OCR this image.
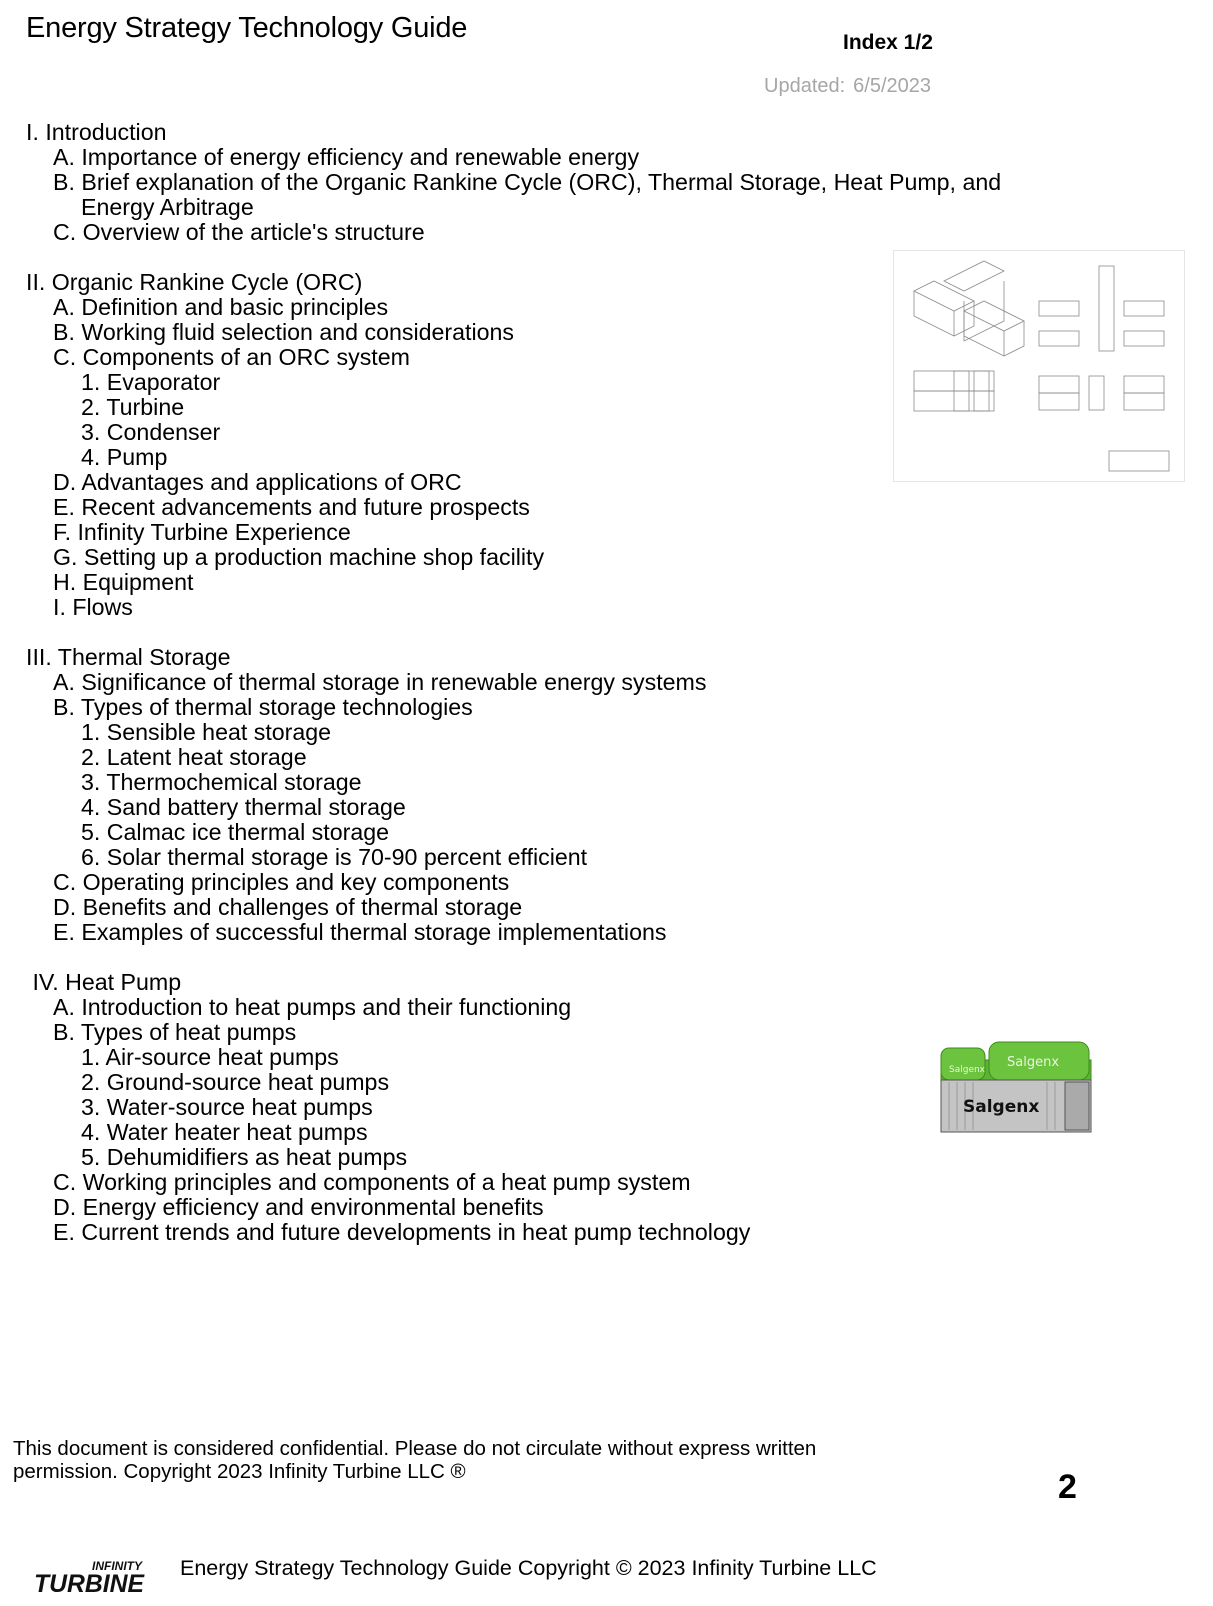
Energy Strategy Technology Guide	Index 1/2
Updated: 6/5/2023
I. Introduction
A. Importance of energy efficiency and renewable energy
B. Brief explanation of the Organic Rankine Cycle (ORC), Thermal Storage, Heat Pump, and
Energy Arbitrage
C. Overview of the article's structure
II. Organic Rankine Cycle (ORC)
A. Definition and basic principles
B. Working fluid selection and considerations
C. Components of an ORC system
1. Evaporator
2. Turbine
3. Condenser
4. Pump
D. Advantages and applications of ORC
E. Recent advancements and future prospects
F. Infinity Turbine Experience
G. Setting up a production machine shop facility
H. Equipment
I. Flows
III. Thermal Storage
A. Significance of thermal storage in renewable energy systems
B. Types of thermal storage technologies
1. Sensible heat storage
2. Latent heat storage
3. Thermochemical storage
4. Sand battery thermal storage
5. Calmac ice thermal storage
6. Solar thermal storage is 70-90 percent efficient
C. Operating principles and key components
D. Benefits and challenges of thermal storage
E. Examples of successful thermal storage implementations
IV. Heat Pump
A. Introduction to heat pumps and their functioning
B. Types of heat pumps
1. Air-source heat pumps
2. Ground-source heat pumps
3. Water-source heat pumps
4. Water heater heat pumps
5. Dehumidifiers as heat pumps
C. Working principles and components of a heat pump system
D. Energy efficiency and environmental benefits
E. Current trends and future developments in heat pump technology
Salgenx Salgenx
Salgenx
This document is considered confidential. Please do not circulate without express written
permission. Copyright 2023 Infinity Turbine LLC ®	2
INFINITY
TURBINE
Energy Strategy Technology Guide Copyright © 2023 Infinity Turbine LLC
